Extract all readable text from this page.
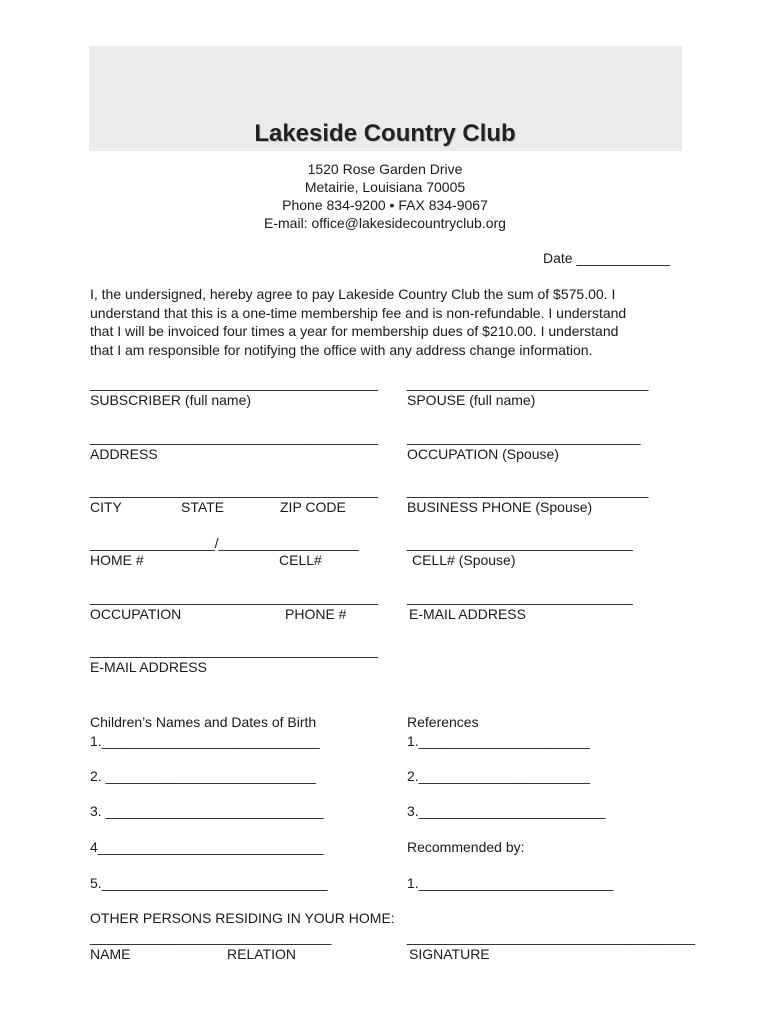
Lakeside Country Club
1520 Rose Garden Drive
Metairie, Louisiana 70005
Phone 834-9200 • FAX 834-9067
E-mail: office@lakesidecountryclub.org
Date ____________
I, the undersigned, hereby agree to pay Lakeside Country Club the sum of $575.00. I
understand that this is a one-time membership fee and is non-refundable. I understand
that I will be invoiced four times a year for membership dues of $210.00. I understand
that I am responsible for notifying the office with any address change information.
_____________________________________
SUBSCRIBER (full name)
_______________________________
SPOUSE (full name)
_____________________________________
ADDRESS
______________________________
OCCUPATION (Spouse)
_____________________________________
CITY	STATE	ZIP CODE
_______________________________
BUSINESS PHONE (Spouse)
________________/__________________
HOME #	CELL#
_____________________________
CELL# (Spouse)
_____________________________________
OCCUPATION	PHONE #
_____________________________
E-MAIL ADDRESS
_____________________________________
E-MAIL ADDRESS
Children’s Names and Dates of Birth
1.____________________________
2. ___________________________
3. ____________________________
4_____________________________
5._____________________________
References
1.______________________
2.______________________
3.________________________
Recommended by:
1._________________________
OTHER PERSONS RESIDING IN YOUR HOME:
_______________________________
NAME	RELATION
_____________________________________
SIGNATURE
